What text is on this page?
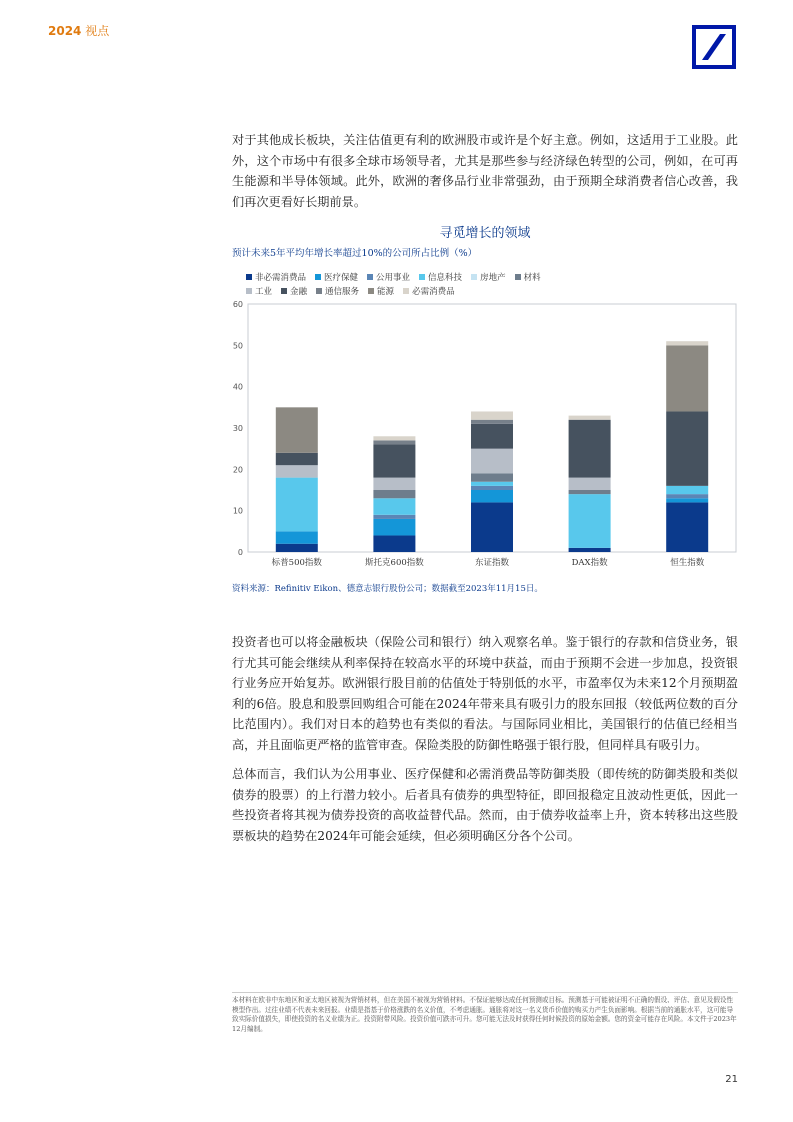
2024 视点

对于其他成长板块，关注估值更有利的欧洲股市或许是个好主意。例如，这适用于工业股。此外，这个市场中有很多全球市场领导者，尤其是那些参与经济绿色转型的公司，例如，在可再生能源和半导体领域。此外，欧洲的奢侈品行业非常强劲，由于预期全球消费者信心改善，我们再次更看好长期前景。

寻觅增长的领域
预计未来5年平均年增长率超过10%的公司所占比例（%）
非必需消费品 医疗保健 公用事业 信息科技 房地产 材料
工业 金融 通信服务 能源 必需消费品
0
10
20
30
40
50
60
标普500指数	斯托克600指数	东证指数	DAX指数	恒生指数
资料来源：Refinitiv Eikon、德意志银行股份公司；数据截至2023年11月15日。

投资者也可以将金融板块（保险公司和银行）纳入观察名单。鉴于银行的存款和信贷业务，银行尤其可能会继续从利率保持在较高水平的环境中获益，而由于预期不会进一步加息，投资银行业务应开始复苏。欧洲银行股目前的估值处于特别低的水平，市盈率仅为未来12个月预期盈利的6倍。股息和股票回购组合可能在2024年带来具有吸引力的股东回报（较低两位数的百分比范围内）。我们对日本的趋势也有类似的看法。与国际同业相比，美国银行的估值已经相当高，并且面临更严格的监管审查。保险类股的防御性略强于银行股，但同样具有吸引力。

总体而言，我们认为公用事业、医疗保健和必需消费品等防御类股（即传统的防御类股和类似债券的股票）的上行潜力较小。后者具有债券的典型特征，即回报稳定且波动性更低，因此一些投资者将其视为债券投资的高收益替代品。然而，由于债券收益率上升，资本转移出这些股票板块的趋势在2024年可能会延续，但必须明确区分各个公司。

本材料在欧非中东地区和亚太地区被视为营销材料，但在美国不被视为营销材料。不保证能够达成任何预测或目标。预测基于可能被证明不正确的假设、评估、意见及假设性模型作出。过往业绩不代表未来回报。业绩是指基于价格涨跌的名义价值，不考虑通胀。通胀将对这一名义货币价值的购买力产生负面影响。根据当前的通胀水平，这可能导致实际价值损失，即使投资的名义业绩为正。投资附带风险。投资价值可跌亦可升。您可能无法及时获得任何时候投资的原始金额。您的资金可能存在风险。本文件于2023年12月编制。

21
